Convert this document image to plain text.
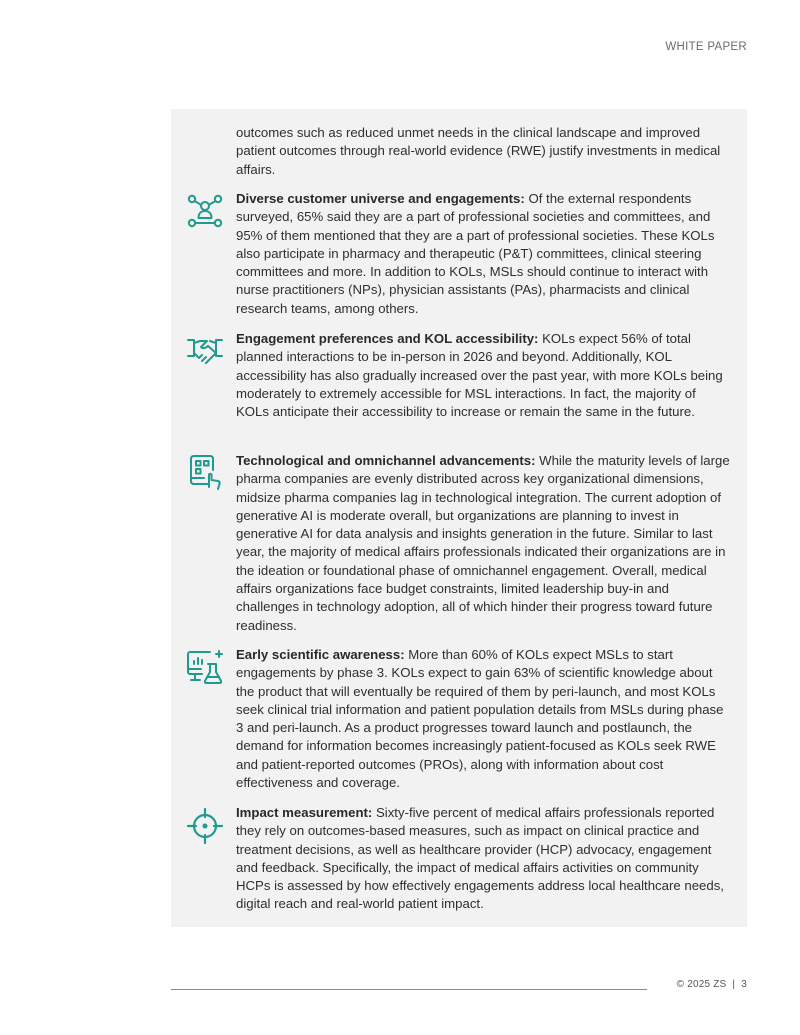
WHITE PAPER

outcomes such as reduced unmet needs in the clinical landscape and improved patient outcomes through real-world evidence (RWE) justify investments in medical affairs.

Diverse customer universe and engagements: Of the external respondents surveyed, 65% said they are a part of professional societies and committees, and 95% of them mentioned that they are a part of professional societies. These KOLs also participate in pharmacy and therapeutic (P&T) committees, clinical steering committees and more. In addition to KOLs, MSLs should continue to interact with nurse practitioners (NPs), physician assistants (PAs), pharmacists and clinical research teams, among others.

Engagement preferences and KOL accessibility: KOLs expect 56% of total planned interactions to be in-person in 2026 and beyond. Additionally, KOL accessibility has also gradually increased over the past year, with more KOLs being moderately to extremely accessible for MSL interactions. In fact, the majority of KOLs anticipate their accessibility to increase or remain the same in the future.

Technological and omnichannel advancements: While the maturity levels of large pharma companies are evenly distributed across key organizational dimensions, midsize pharma companies lag in technological integration. The current adoption of generative AI is moderate overall, but organizations are planning to invest in generative AI for data analysis and insights generation in the future. Similar to last year, the majority of medical affairs professionals indicated their organizations are in the ideation or foundational phase of omnichannel engagement. Overall, medical affairs organizations face budget constraints, limited leadership buy-in and challenges in technology adoption, all of which hinder their progress toward future readiness.

Early scientific awareness: More than 60% of KOLs expect MSLs to start engagements by phase 3. KOLs expect to gain 63% of scientific knowledge about the product that will eventually be required of them by peri-launch, and most KOLs seek clinical trial information and patient population details from MSLs during phase 3 and peri-launch. As a product progresses toward launch and postlaunch, the demand for information becomes increasingly patient-focused as KOLs seek RWE and patient-reported outcomes (PROs), along with information about cost effectiveness and coverage.

Impact measurement: Sixty-five percent of medical affairs professionals reported they rely on outcomes-based measures, such as impact on clinical practice and treatment decisions, as well as healthcare provider (HCP) advocacy, engagement and feedback. Specifically, the impact of medical affairs activities on community HCPs is assessed by how effectively engagements address local healthcare needs, digital reach and real-world patient impact.

© 2025 ZS | 3
